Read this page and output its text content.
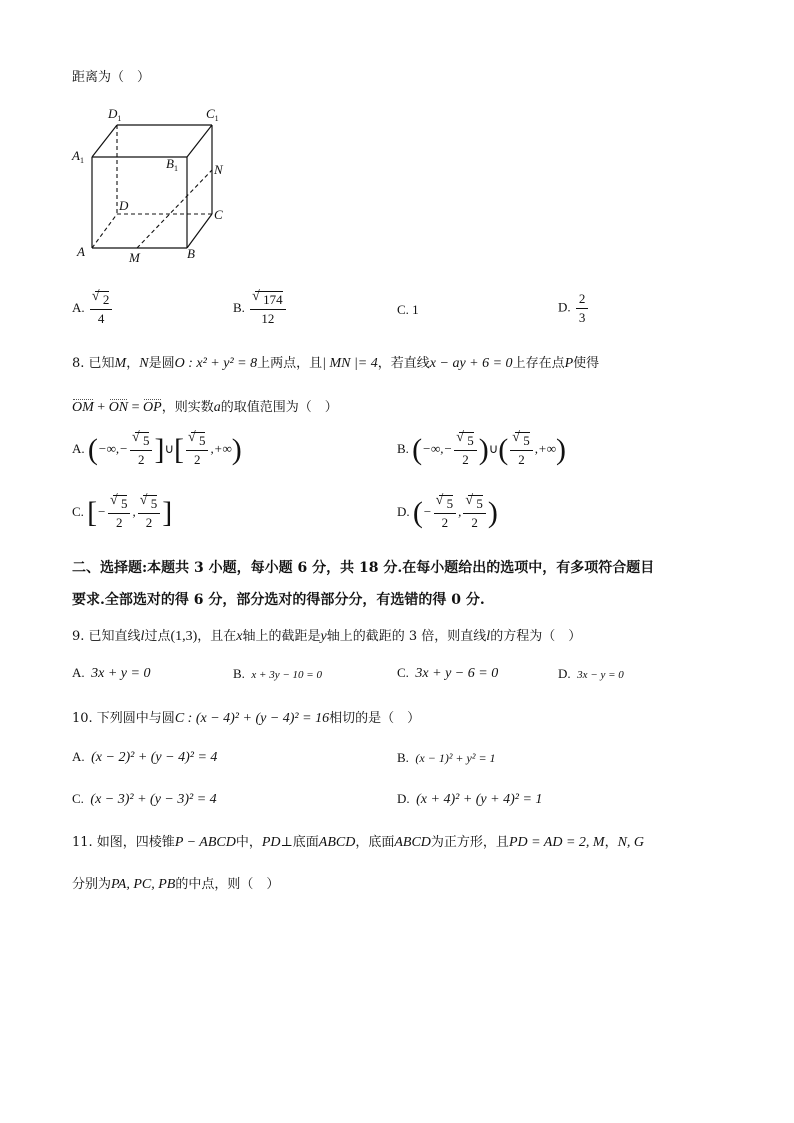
距离为（　）
$D_1$	$C_1$
$A_1$	$B_1$	N
D
C
A	M	B
A. √ $\frac{2}{4}$	B. √ $\frac{174}{12}$	C. 1	D. $\frac{2}{3}$
8. 已知M，N是圆O : x² + y² = 8上两点，且| MN |= 4，若直线x − ay + 6 = 0上存在点P使得
OM + ON = OP，则实数a的取值范围为（　）
A. (−∞,− √ $\frac{5}{2}$ ]∪[ √ $\frac{5}{2}$ ,+∞)	B. (−∞,− √ $\frac{5}{2}$ )∪( √ $\frac{5}{2}$ ,+∞)
C. [− √ $\frac{5}{2}$ , √ $\frac{5}{2}$ ]	D. (− √ $\frac{5}{2}$ , √ $\frac{5}{2}$ )
二、选择题:本题共 3 小题，每小题 6 分，共 18 分.在每小题给出的选项中，有多项符合题目
要求.全部选对的得 6 分，部分选对的得部分分，有选错的得 0 分.
9. 已知直线l过点(1,3)，且在x轴上的截距是y轴上的截距的 3 倍，则直线l的方程为（　）
A. 3x + y = 0	B. x + 3y − 10 = 0	C. 3x + y − 6 = 0	D. 3x − y = 0
10. 下列圆中与圆C : (x − 4)² + (y − 4)² = 16相切的是（　）
A. (x − 2)² + (y − 4)² = 4	B. (x − 1)² + y² = 1
C. (x − 3)² + (y − 3)² = 4	D. (x + 4)² + (y + 4)² = 1
11. 如图，四棱锥P − ABCD中，PD⊥底面ABCD，底面ABCD为正方形，且PD = AD = 2, M，N, G
分别为PA, PC, PB的中点，则（　）
